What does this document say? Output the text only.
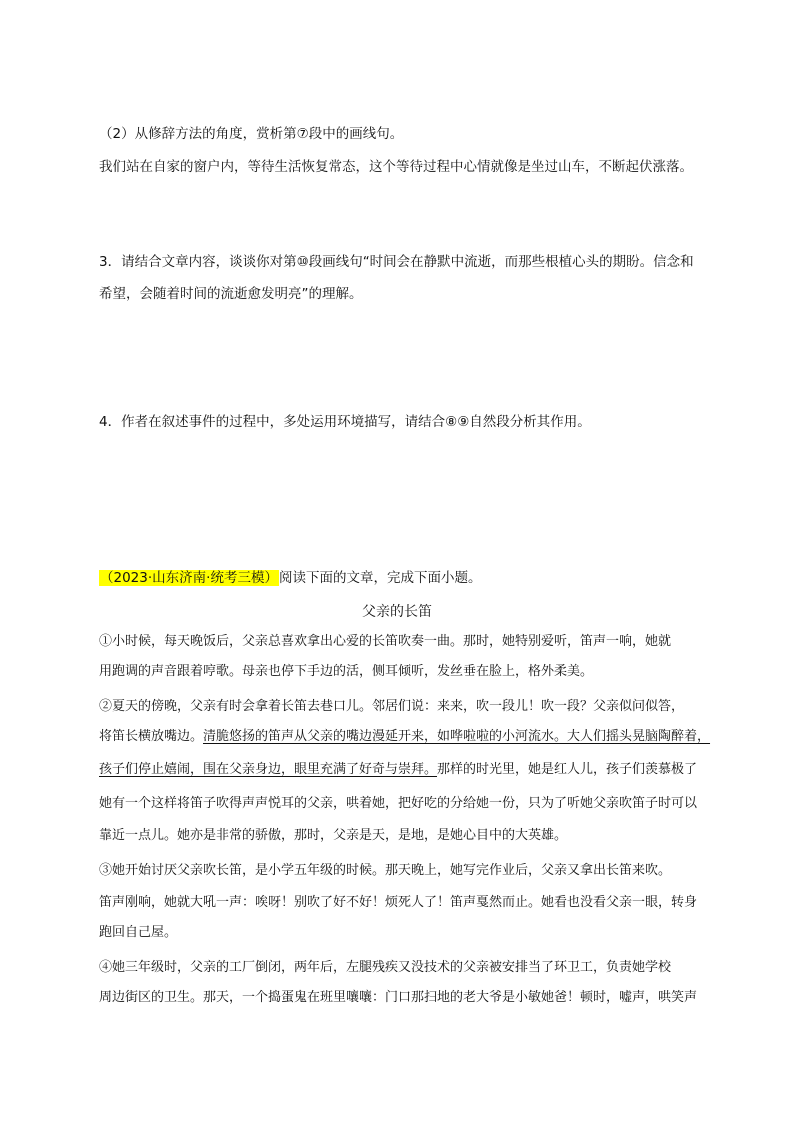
（2）从修辞方法的角度，赏析第⑦段中的画线句。
我们站在自家的窗户内，等待生活恢复常态，这个等待过程中心情就像是坐过山车，不断起伏涨落。
3．请结合文章内容，谈谈你对第⑩段画线句“时间会在静默中流逝，而那些根植心头的期盼。信念和
希望，会随着时间的流逝愈发明亮”的理解。
4．作者在叙述事件的过程中，多处运用环境描写，请结合⑧⑨自然段分析其作用。
（2023·山东济南·统考三模）阅读下面的文章，完成下面小题。
父亲的长笛
①小时候，每天晚饭后，父亲总喜欢拿出心爱的长笛吹奏一曲。那时，她特别爱听，笛声一响，她就
用跑调的声音跟着哼歌。母亲也停下手边的活，侧耳倾听，发丝垂在脸上，格外柔美。
②夏天的傍晚，父亲有时会拿着长笛去巷口儿。邻居们说：来来，吹一段儿！吹一段？父亲似问似答，
将笛长横放嘴边。清脆悠扬的笛声从父亲的嘴边漫延开来，如哗啦啦的小河流水。大人们摇头晃脑陶醉着，
孩子们停止嬉闹，围在父亲身边，眼里充满了好奇与崇拜。那样的时光里，她是红人儿，孩子们羡慕极了
她有一个这样将笛子吹得声声悦耳的父亲，哄着她，把好吃的分给她一份，只为了听她父亲吹笛子时可以
靠近一点儿。她亦是非常的骄傲，那时，父亲是天，是地，是她心目中的大英雄。
③她开始讨厌父亲吹长笛，是小学五年级的时候。那天晚上，她写完作业后，父亲又拿出长笛来吹。
笛声刚响，她就大吼一声：唉呀！别吹了好不好！烦死人了！笛声戛然而止。她看也没看父亲一眼，转身
跑回自己屋。
④她三年级时，父亲的工厂倒闭，两年后，左腿残疾又没技术的父亲被安排当了环卫工，负责她学校
周边街区的卫生。那天，一个捣蛋鬼在班里嚷嚷：门口那扫地的老大爷是小敏她爸！顿时，嘘声，哄笑声
